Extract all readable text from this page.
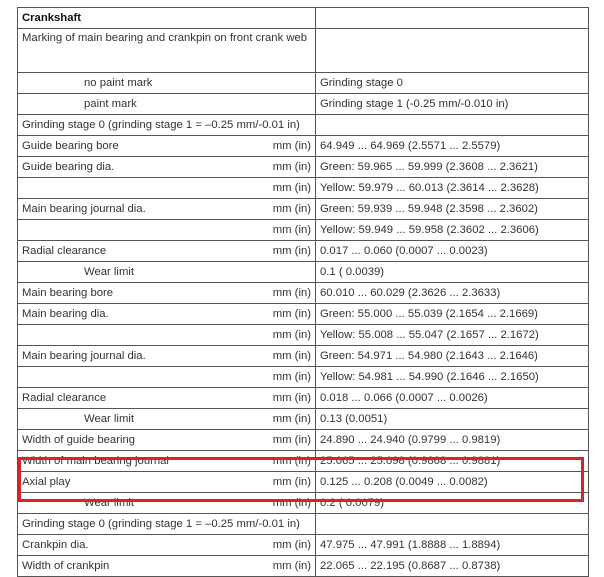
Crankshaft	
Marking of main bearing and crankpin on front crank web	
no paint mark	Grinding stage 0
paint mark	Grinding stage 1 (-0.25 mm/-0.010 in)
Grinding stage 0 (grinding stage 1 = –0.25 mm/-0.01 in)	

Guide bearing bore mm (in)	64.949 ... 64.969 (2.5571 ... 2.5579)

Guide bearing dia. mm (in)	Green: 59.965 ... 59.999 (2.3608 ... 2.3621)

mm (in)	Yellow: 59.979 ... 60.013 (2.3614 ... 2.3628)

Main bearing journal dia. mm (in)	Green: 59.939 ... 59.948 (2.3598 ... 2.3602)

mm (in)	Yellow: 59.949 ... 59.958 (2.3602 ... 2.3606)

Radial clearance mm (in)	0.017 ... 0.060 (0.0007 ... 0.0023)

Wear limit	0.1 ( 0.0039)

Main bearing bore mm (in)	60.010 ... 60.029 (2.3626 ... 2.3633)

Main bearing dia. mm (in)	Green: 55.000 ... 55.039 (2.1654 ... 2.1669)

mm (in)	Yellow: 55.008 ... 55.047 (2.1657 ... 2.1672)

Main bearing journal dia. mm (in)	Green: 54.971 ... 54.980 (2.1643 ... 2.1646)

mm (in)	Yellow: 54.981 ... 54.990 (2.1646 ... 2.1650)

Radial clearance mm (in)	0.018 ... 0.066 (0.0007 ... 0.0026)

Wear limit mm (in)	0.13 (0.0051)

Width of guide bearing mm (in)	24.890 ... 24.940 (0.9799 ... 0.9819)

Width of main bearing journal mm (in)	25.065 ... 25.098 (0.9868 ... 0.9881)

Axial play mm (in)	0.125 ... 0.208 (0.0049 ... 0.0082)

Wear limit mm (in)	0.2 ( 0.0079)
Grinding stage 0 (grinding stage 1 = –0.25 mm/-0.01 in)	

Crankpin dia. mm (in)	47.975 ... 47.991 (1.8888 ... 1.8894)

Width of crankpin mm (in)	22.065 ... 22.195 (0.8687 ... 0.8738)
